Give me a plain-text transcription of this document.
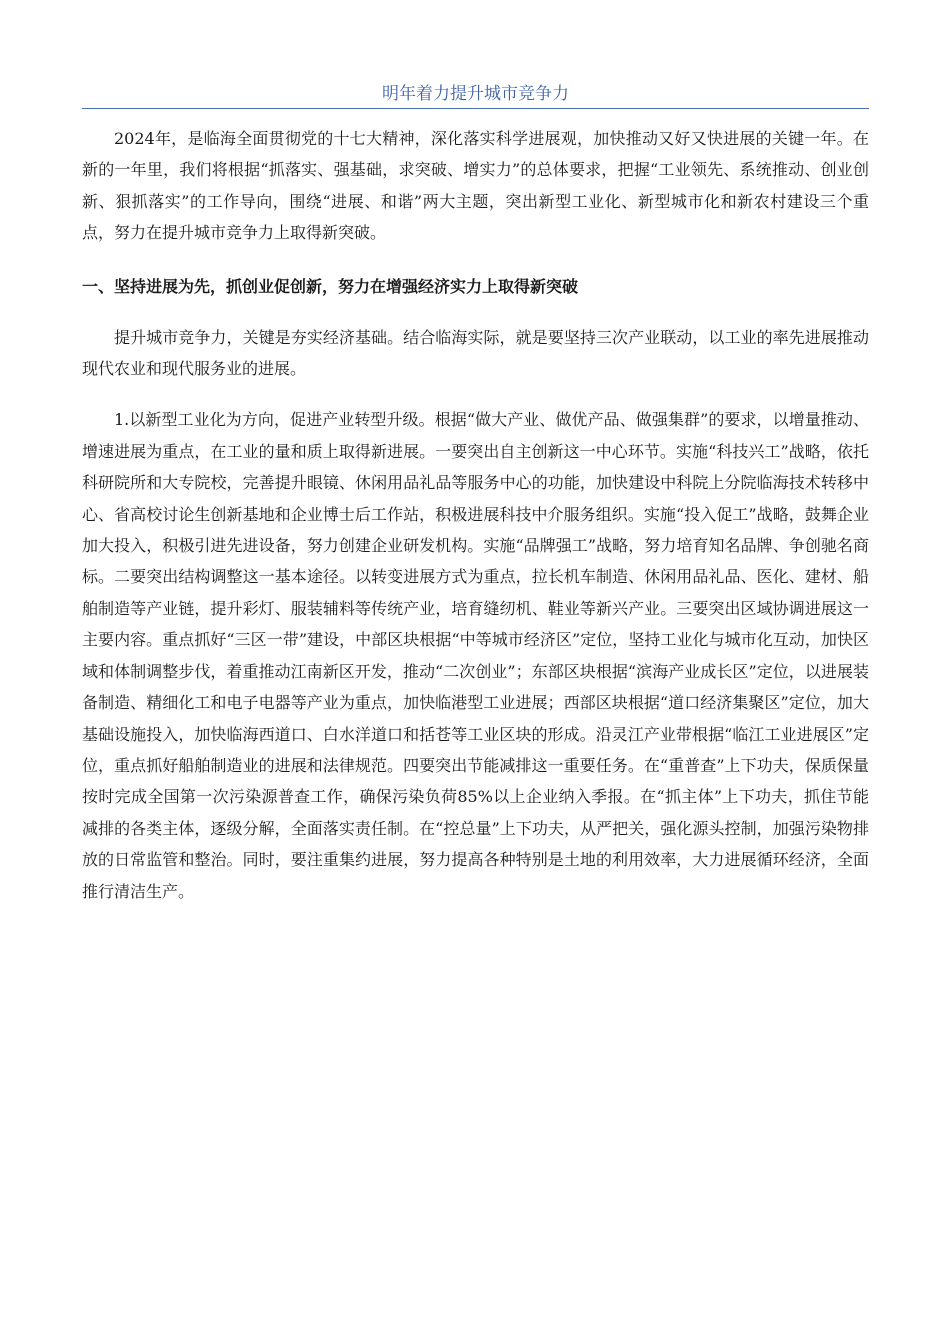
明年着力提升城市竞争力

2024年，是临海全面贯彻党的十七大精神，深化落实科学进展观，加快推动又好又快进展的关键一年。在新的一年里，我们将根据“抓落实、强基础，求突破、增实力”的总体要求，把握“工业领先、系统推动、创业创新、狠抓落实”的工作导向，围绕“进展、和谐”两大主题，突出新型工业化、新型城市化和新农村建设三个重点，努力在提升城市竞争力上取得新突破。

一、坚持进展为先，抓创业促创新，努力在增强经济实力上取得新突破

提升城市竞争力，关键是夯实经济基础。结合临海实际，就是要坚持三次产业联动，以工业的率先进展推动现代农业和现代服务业的进展。

1.以新型工业化为方向，促进产业转型升级。根据“做大产业、做优产品、做强集群”的要求，以增量推动、增速进展为重点，在工业的量和质上取得新进展。一要突出自主创新这一中心环节。实施“科技兴工”战略，依托科研院所和大专院校，完善提升眼镜、休闲用品礼品等服务中心的功能，加快建设中科院上分院临海技术转移中心、省高校讨论生创新基地和企业博士后工作站，积极进展科技中介服务组织。实施“投入促工”战略，鼓舞企业加大投入，积极引进先进设备，努力创建企业研发机构。实施“品牌强工”战略，努力培育知名品牌、争创驰名商标。二要突出结构调整这一基本途径。以转变进展方式为重点，拉长机车制造、休闲用品礼品、医化、建材、船舶制造等产业链，提升彩灯、服装辅料等传统产业，培育缝纫机、鞋业等新兴产业。三要突出区域协调进展这一主要内容。重点抓好“三区一带”建设，中部区块根据“中等城市经济区”定位，坚持工业化与城市化互动，加快区域和体制调整步伐，着重推动江南新区开发，推动“二次创业”；东部区块根据“滨海产业成长区”定位，以进展装备制造、精细化工和电子电器等产业为重点，加快临港型工业进展；西部区块根据“道口经济集聚区”定位，加大基础设施投入，加快临海西道口、白水洋道口和括苍等工业区块的形成。沿灵江产业带根据“临江工业进展区”定位，重点抓好船舶制造业的进展和法律规范。四要突出节能减排这一重要任务。在“重普查”上下功夫，保质保量按时完成全国第一次污染源普查工作，确保污染负荷85%以上企业纳入季报。在“抓主体”上下功夫，抓住节能减排的各类主体，逐级分解，全面落实责任制。在“控总量”上下功夫，从严把关，强化源头控制，加强污染物排放的日常监管和整治。同时，要注重集约进展，努力提高各种特别是土地的利用效率，大力进展循环经济，全面推行清洁生产。
